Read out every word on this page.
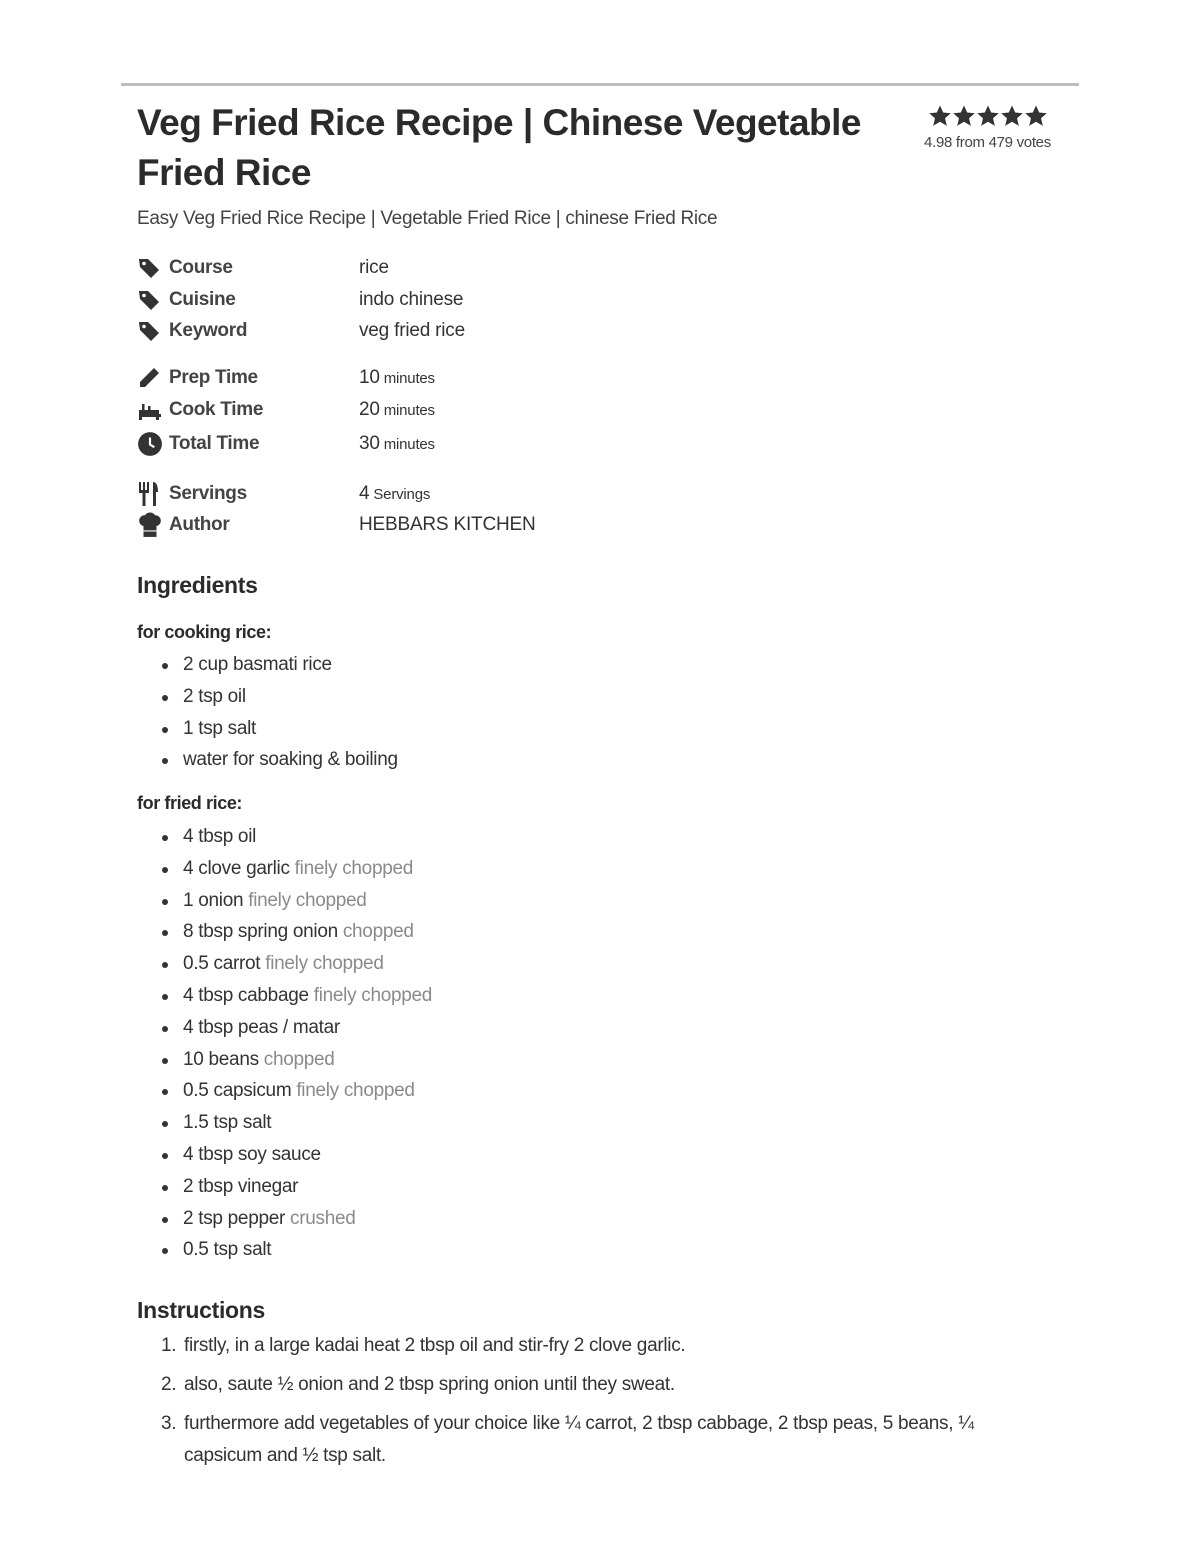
Veg Fried Rice Recipe | Chinese Vegetable Fried Rice
4.98 from 479 votes

Easy Veg Fried Rice Recipe | Vegetable Fried Rice | chinese Fried Rice

Course	rice
Cuisine	indo chinese
Keyword	veg fried rice
Prep Time	10 minutes
Cook Time	20 minutes
Total Time	30 minutes
Servings	4 Servings
Author	HEBBARS KITCHEN
Ingredients
for cooking rice:
2 cup basmati rice
2 tsp oil
1 tsp salt
water for soaking & boiling
for fried rice:
4 tbsp oil
4 clove garlic finely chopped
1 onion finely chopped
8 tbsp spring onion chopped
0.5 carrot finely chopped
4 tbsp cabbage finely chopped
4 tbsp peas / matar
10 beans chopped
0.5 capsicum finely chopped
1.5 tsp salt
4 tbsp soy sauce
2 tbsp vinegar
2 tsp pepper crushed
0.5 tsp salt
Instructions
1. firstly, in a large kadai heat 2 tbsp oil and stir-fry 2 clove garlic.
2. also, saute ½ onion and 2 tbsp spring onion until they sweat.
3. furthermore add vegetables of your choice like ¼ carrot, 2 tbsp cabbage, 2 tbsp peas, 5 beans, ¼ capsicum and ½ tsp salt.
